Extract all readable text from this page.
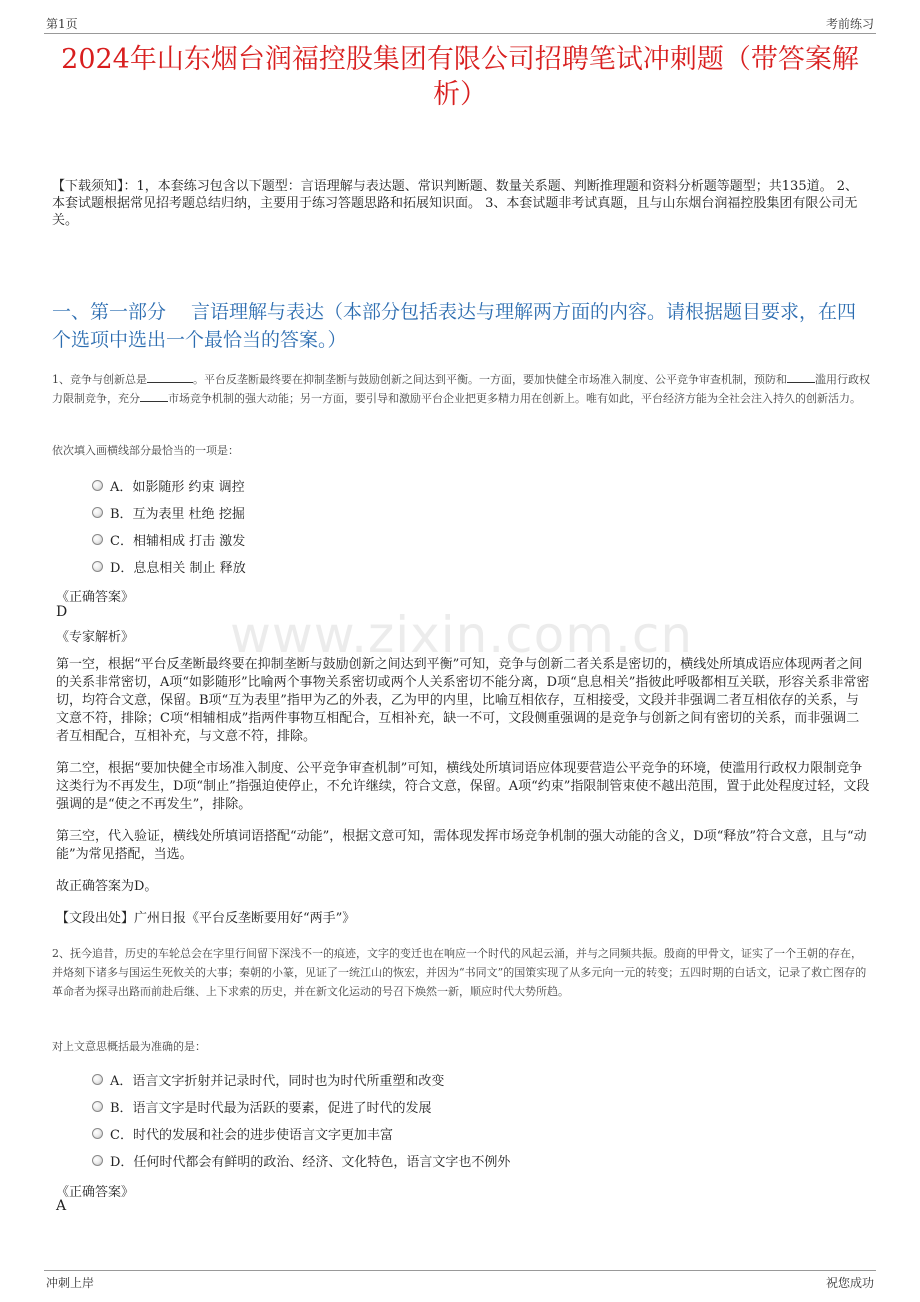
第1页	考前练习
2024年山东烟台润福控股集团有限公司招聘笔试冲刺题（带答案解析）
【下载须知】：1，本套练习包含以下题型：言语理解与表达题、常识判断题、数量关系题、判断推理题和资料分析题等题型；共135道。 2、本套试题根据常见招考题总结归纳，主要用于练习答题思路和拓展知识面。 3、本套试题非考试真题，且与山东烟台润福控股集团有限公司无关。
一、第一部分　 言语理解与表达（本部分包括表达与理解两方面的内容。请根据题目要求，在四个选项中选出一个最恰当的答案。）
1、竞争与创新总是	。平台反垄断最终要在抑制垄断与鼓励创新之间达到平衡。一方面，要加快健全市场准入制度、公平竞争审查机制，预防和	滥用行政权力限制竞争，充分	市场竞争机制的强大动能；另一方面，要引导和激励平台企业把更多精力用在创新上。唯有如此，平台经济方能为全社会注入持久的创新活力。
依次填入画横线部分最恰当的一项是：
A．如影随形 约束 调控
B．互为表里 杜绝 挖掘
C．相辅相成 打击 激发
D．息息相关 制止 释放
《正确答案》
D
《专家解析》
第一空，根据“平台反垄断最终要在抑制垄断与鼓励创新之间达到平衡”可知，竞争与创新二者关系是密切的，横线处所填成语应体现两者之间的关系非常密切，A项“如影随形”比喻两个事物关系密切或两个人关系密切不能分离，D项“息息相关”指彼此呼吸都相互关联，形容关系非常密切，均符合文意，保留。B项“互为表里”指甲为乙的外表，乙为甲的内里，比喻互相依存，互相接受，文段并非强调二者互相依存的关系，与文意不符，排除；C项“相辅相成”指两件事物互相配合，互相补充，缺一不可，文段侧重强调的是竞争与创新之间有密切的关系，而非强调二者互相配合，互相补充，与文意不符，排除。
第二空，根据“要加快健全市场准入制度、公平竞争审查机制”可知，横线处所填词语应体现要营造公平竞争的环境，使滥用行政权力限制竞争这类行为不再发生，D项“制止”指强迫使停止，不允许继续，符合文意，保留。A项“约束”指限制管束使不越出范围，置于此处程度过轻，文段强调的是“使之不再发生”，排除。
第三空，代入验证，横线处所填词语搭配“动能”，根据文意可知，需体现发挥市场竞争机制的强大动能的含义，D项“释放”符合文意，且与“动能”为常见搭配，当选。
故正确答案为D。
【文段出处】广州日报《平台反垄断要用好“两手”》
2、抚今追昔，历史的车轮总会在字里行间留下深浅不一的痕迹，文字的变迁也在响应一个时代的风起云涌，并与之同频共振。殷商的甲骨文，证实了一个王朝的存在，并烙刻下诸多与国运生死攸关的大事；秦朝的小篆，见证了一统江山的恢宏，并因为“书同文”的国策实现了从多元向一元的转变；五四时期的白话文，记录了救亡图存的革命者为探寻出路而前赴后继、上下求索的历史，并在新文化运动的号召下焕然一新，顺应时代大势所趋。
对上文意思概括最为准确的是：
A．语言文字折射并记录时代，同时也为时代所重塑和改变
B．语言文字是时代最为活跃的要素，促进了时代的发展
C．时代的发展和社会的进步使语言文字更加丰富
D．任何时代都会有鲜明的政治、经济、文化特色，语言文字也不例外
《正确答案》
A
www.zixin.com.cn
冲刺上岸	祝您成功
